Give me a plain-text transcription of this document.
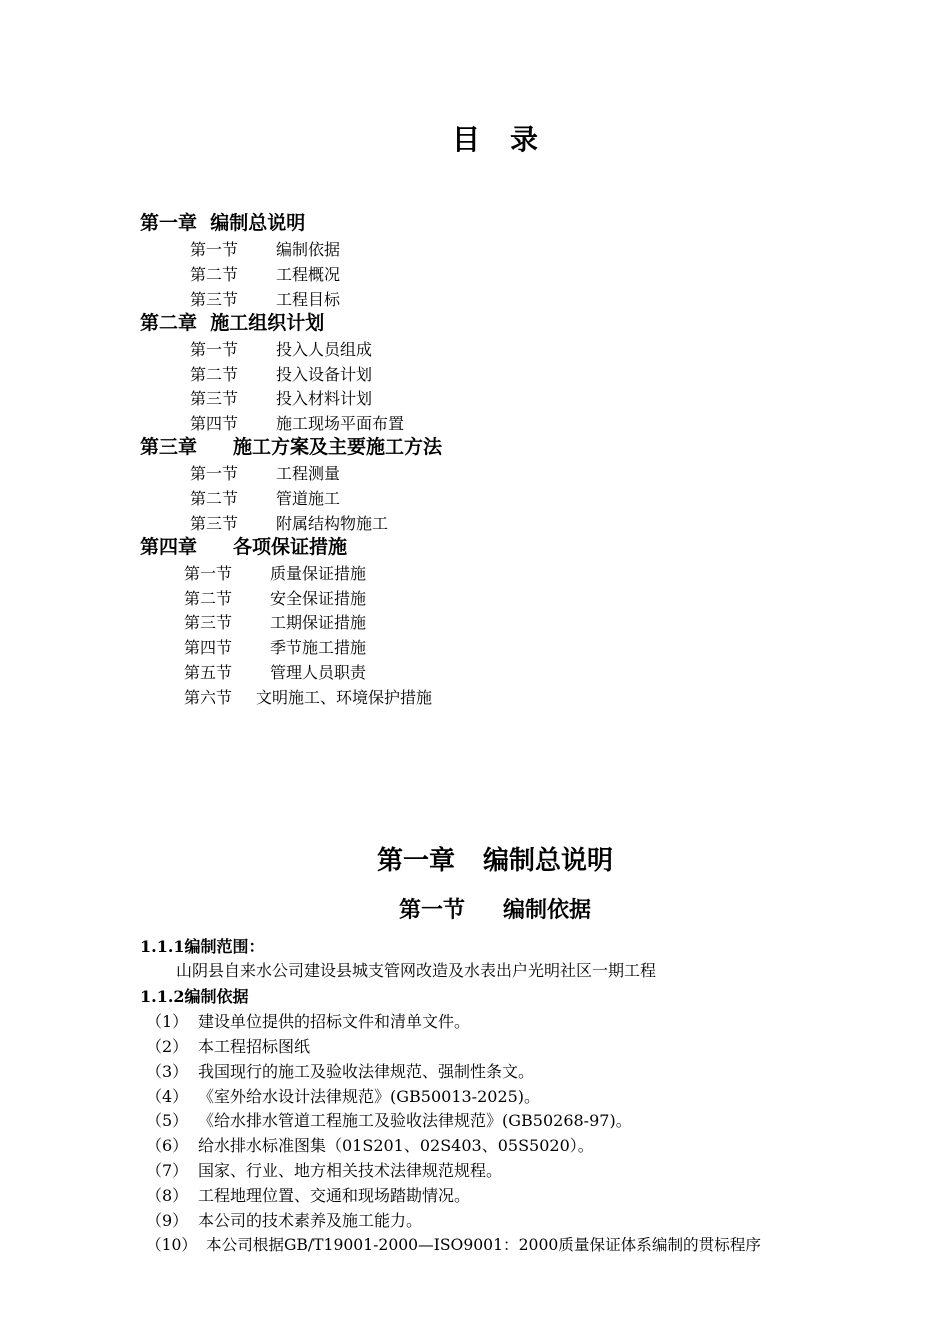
目 录
第一章 编制总说明
第一节 编制依据
第二节 工程概况
第三节 工程目标
第二章 施工组织计划
第一节 投入人员组成
第二节 投入设备计划
第三节 投入材料计划
第四节 施工现场平面布置
第三章 施工方案及主要施工方法
第一节 工程测量
第二节 管道施工
第三节 附属结构物施工
第四章 各项保证措施
第一节 质量保证措施
第二节 安全保证措施
第三节 工期保证措施
第四节 季节施工措施
第五节 管理人员职责
第六节 文明施工、环境保护措施
第一章 编制总说明
第一节 编制依据
1.1.1编制范围：
山阴县自来水公司建设县城支管网改造及水表出户光明社区一期工程
1.1.2编制依据
（1） 建设单位提供的招标文件和清单文件。
（2） 本工程招标图纸
（3） 我国现行的施工及验收法律规范、强制性条文。
（4） 《室外给水设计法律规范》(GB50013-2025)。
（5） 《给水排水管道工程施工及验收法律规范》(GB50268-97)。
（6） 给水排水标准图集（01S201、02S403、05S5020）。
（7） 国家、行业、地方相关技术法律规范规程。
（8） 工程地理位置、交通和现场踏勘情况。
（9） 本公司的技术素养及施工能力。
（10） 本公司根据GB/T19001-2000—ISO9001：2000质量保证体系编制的贯标程序
